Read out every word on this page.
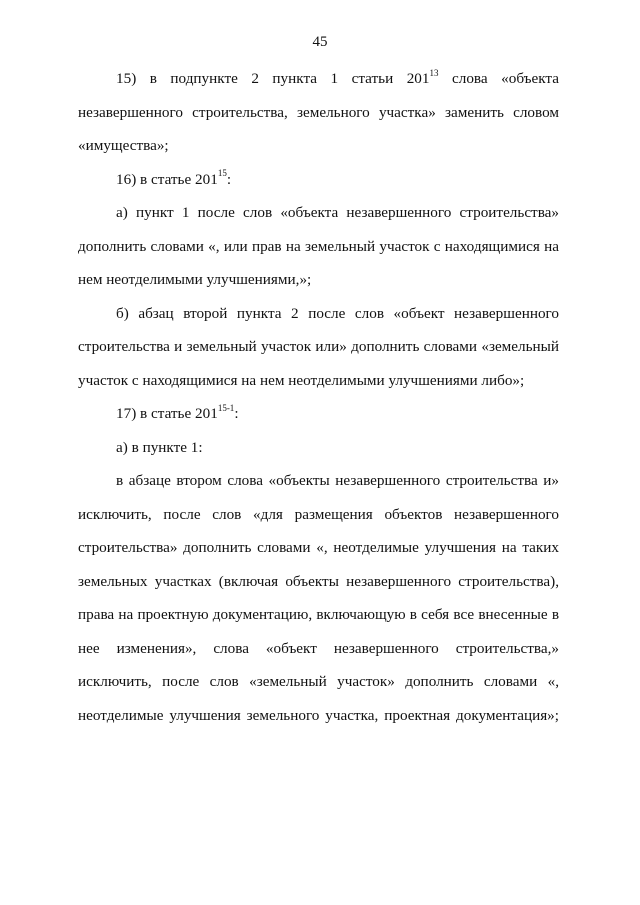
45

15) в подпункте 2 пункта 1 статьи $201^{13}$ слова «объекта незавершенного строительства, земельного участка» заменить словом «имущества»;

16) в статье $201^{15}$:

а) пункт 1 после слов «объекта незавершенного строительства» дополнить словами «, или прав на земельный участок с находящимися на нем неотделимыми улучшениями,»;

б) абзац второй пункта 2 после слов «объект незавершенного строительства и земельный участок или» дополнить словами «земельный участок с находящимися на нем неотделимыми улучшениями либо»;

17) в статье 201$^{15-1}$:

а) в пункте 1:

в абзаце втором слова «объекты незавершенного строительства и» исключить, после слов «для размещения объектов незавершенного строительства» дополнить словами «, неотделимые улучшения на таких земельных участках (включая объекты незавершенного строительства), права на проектную документацию, включающую в себя все внесенные в нее изменения», слова «объект незавершенного строительства,» исключить, после слов «земельный участок» дополнить словами «, неотделимые улучшения земельного участка, проектная документация»;
